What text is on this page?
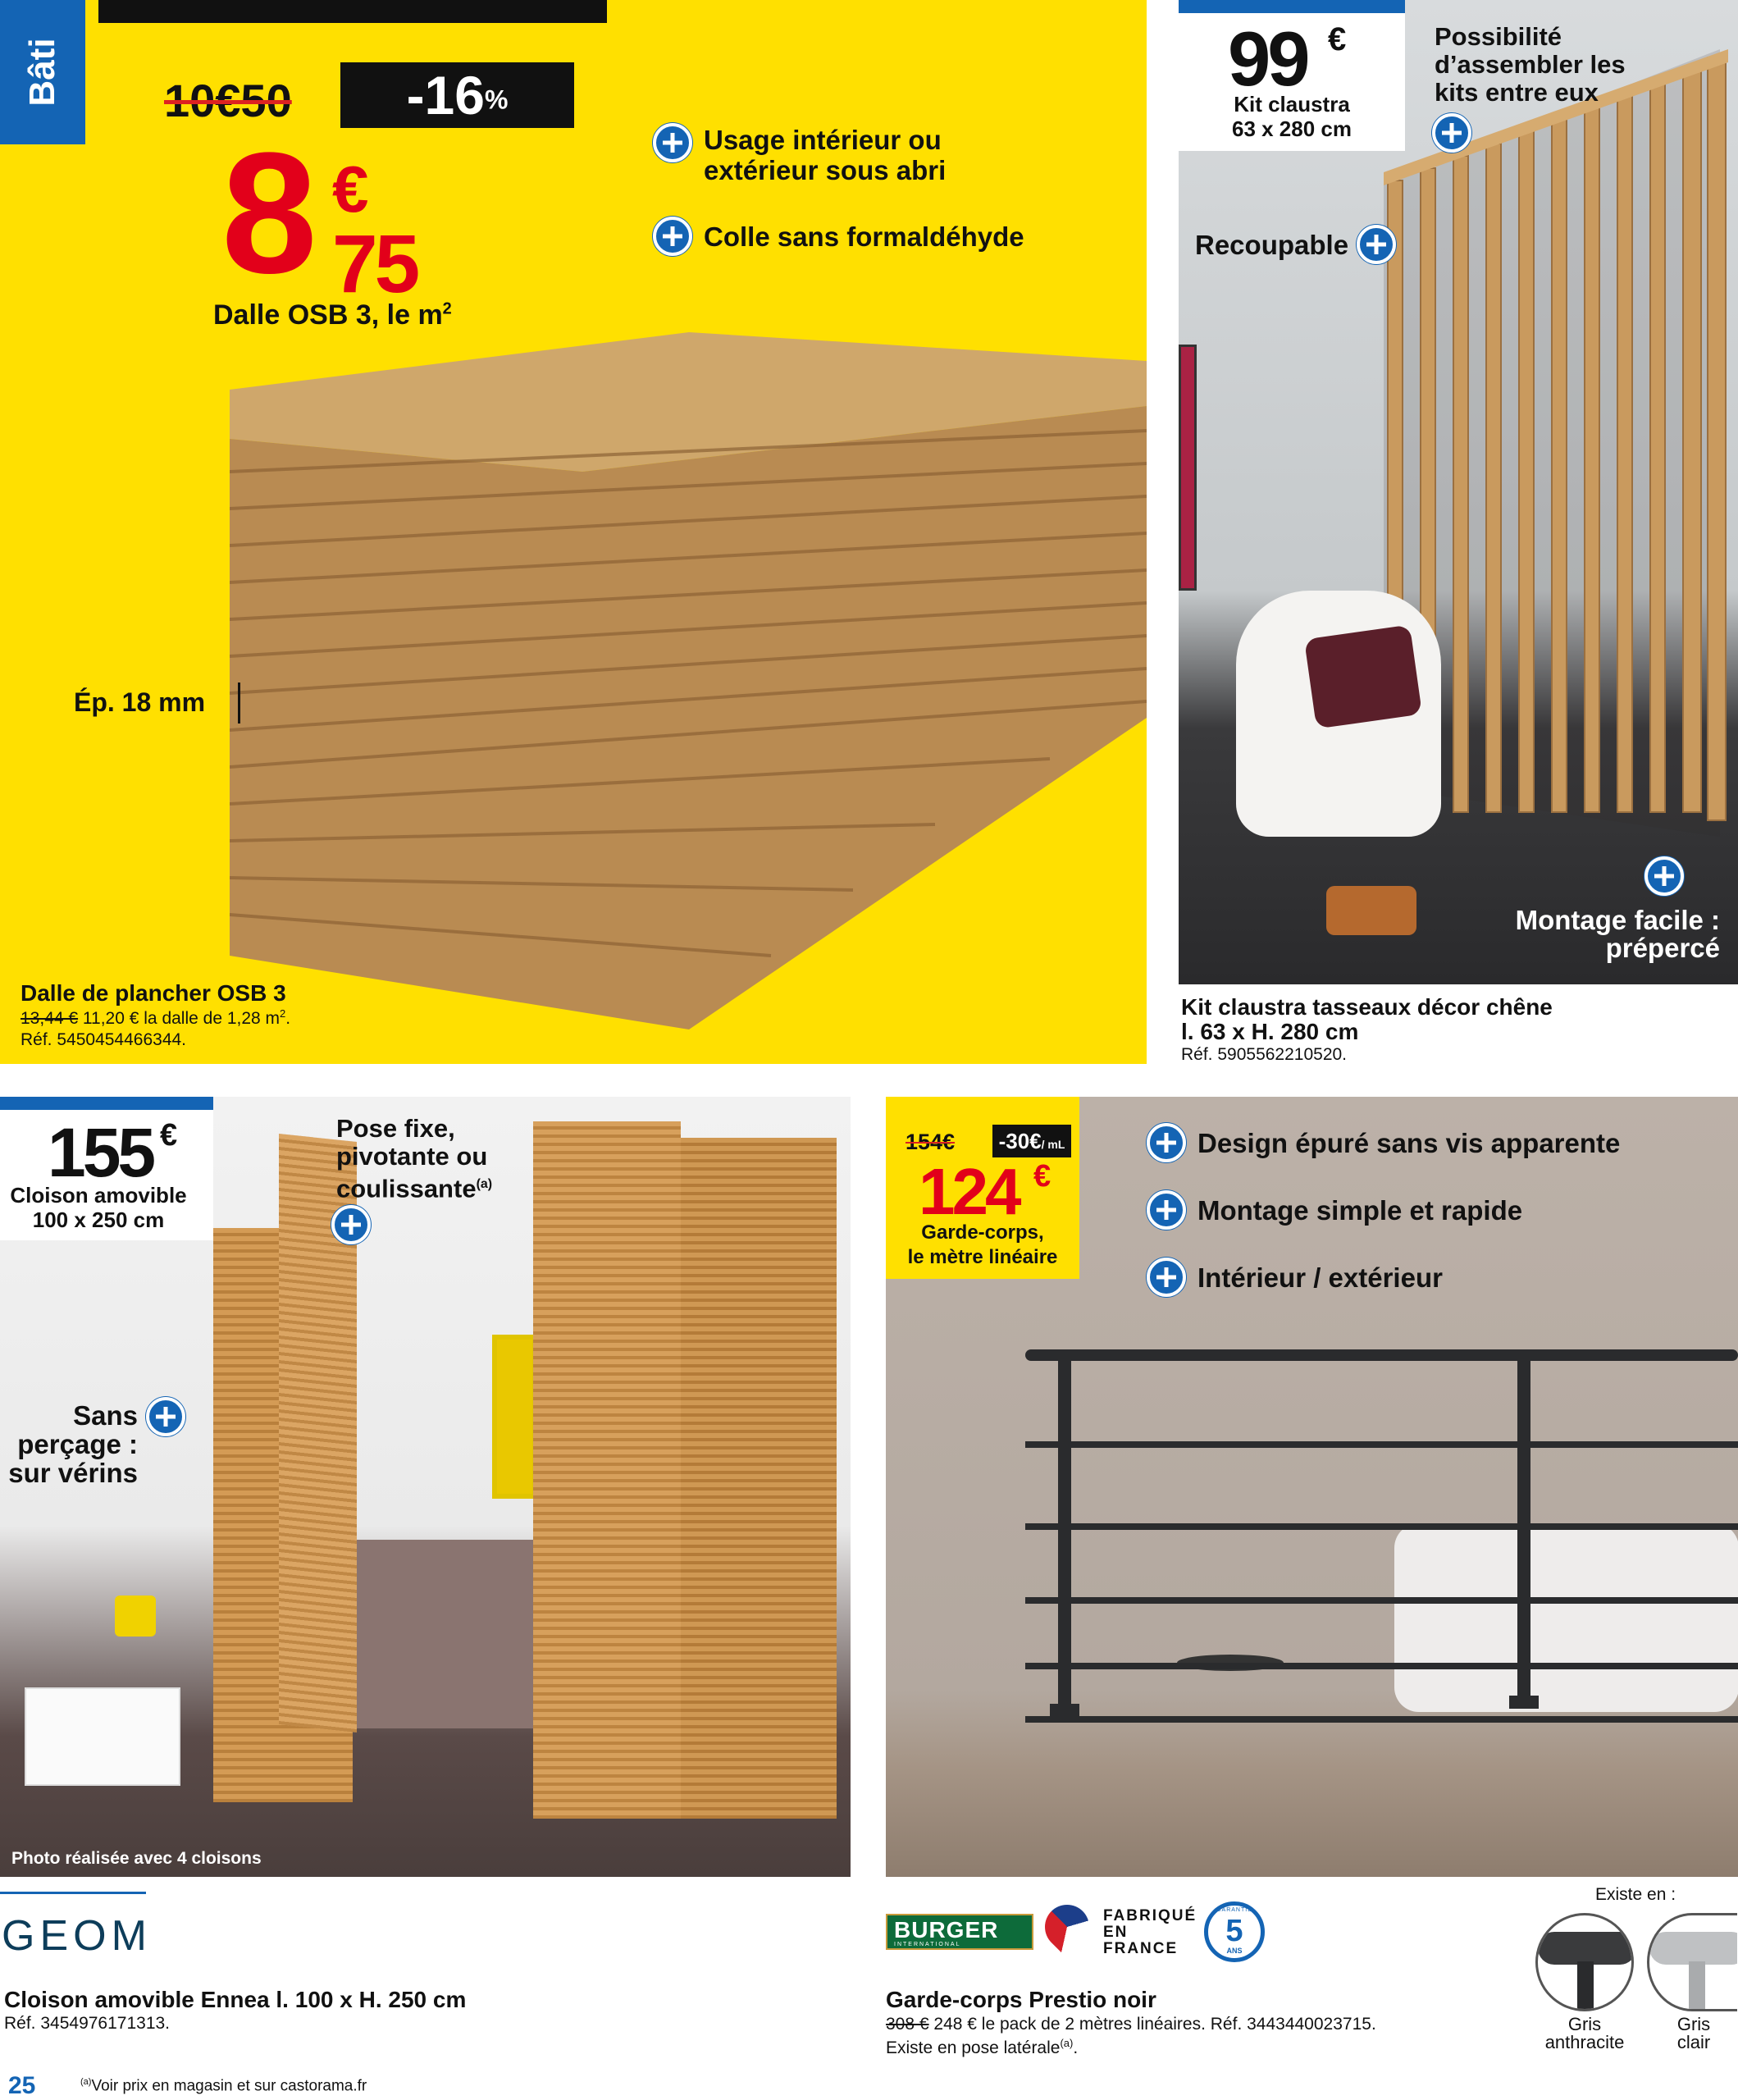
Bâti 10€50	-16%
8 €
75
Dalle OSB 3, le $m^2$
Usage intérieur ou extérieur sous abri
Colle sans formaldéhyde
Ép. 18 mm
Dalle de plancher OSB 3
13,44 € 11,20 € la dalle de 1,28 $m^2$.
Réf. 5450454466344.
99 €
Kit claustra
63 x 280 cm
Possibilité d’assembler les kits entre eux
Recoupable
Montage facile :
prépercé
Kit claustra tasseaux décor chêne
l. 63 x H. 280 cm
Réf. 5905562210520.
155 €
Cloison amovible
100 x 250 cm
Pose fixe, pivotante ou coulissante$^{(a)}$
Sans
perçage :
sur vérins
Photo réalisée avec 4 cloisons
GEOM
Cloison amovible Ennea l. 100 x H. 250 cm
Réf. 3454976171313.
154€ -30€/ mL
124 €
Garde-corps,
le mètre linéaire
Design épuré sans vis apparente
Montage simple et rapide
Intérieur / extérieur
BURGER
INTERNATIONAL
FABRIQUÉ EN FRANCE
GARANTIE
5
ANS
Garde-corps Prestio noir
308 € 248 € le pack de 2 mètres linéaires. Réf. 3443440023715.
Existe en pose latérale$^{(a)}$.
Existe en :
Gris anthracite
Gris clair
25	$^{(a)}$Voir prix en magasin et sur castorama.fr
